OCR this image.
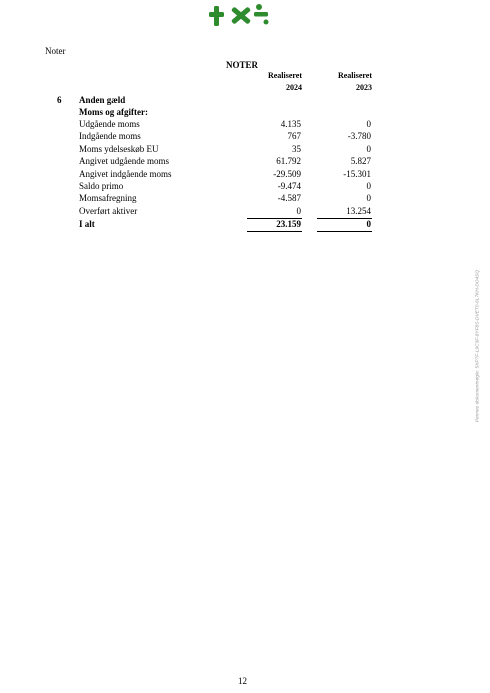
Noter
NOTER
Realiseret
2024
Realiseret
2023
6 Anden gæld
Moms og afgifter:
Udgående moms	4.135	0
Indgående moms	767	-3.780
Moms ydelseskøb EU	35	0
Angivet udgående moms	61.792	5.827
Angivet indgående moms	-29.509	-15.301
Saldo primo	-9.474	0
Momsafregning	-4.587	0
Overført aktiver	0	13.254
I alt	23.159	0
Penneo dokumentnøgle: 5XP7F-L9C3F-8YF8S-DVET0-6L7KH-DO4SQ
12
